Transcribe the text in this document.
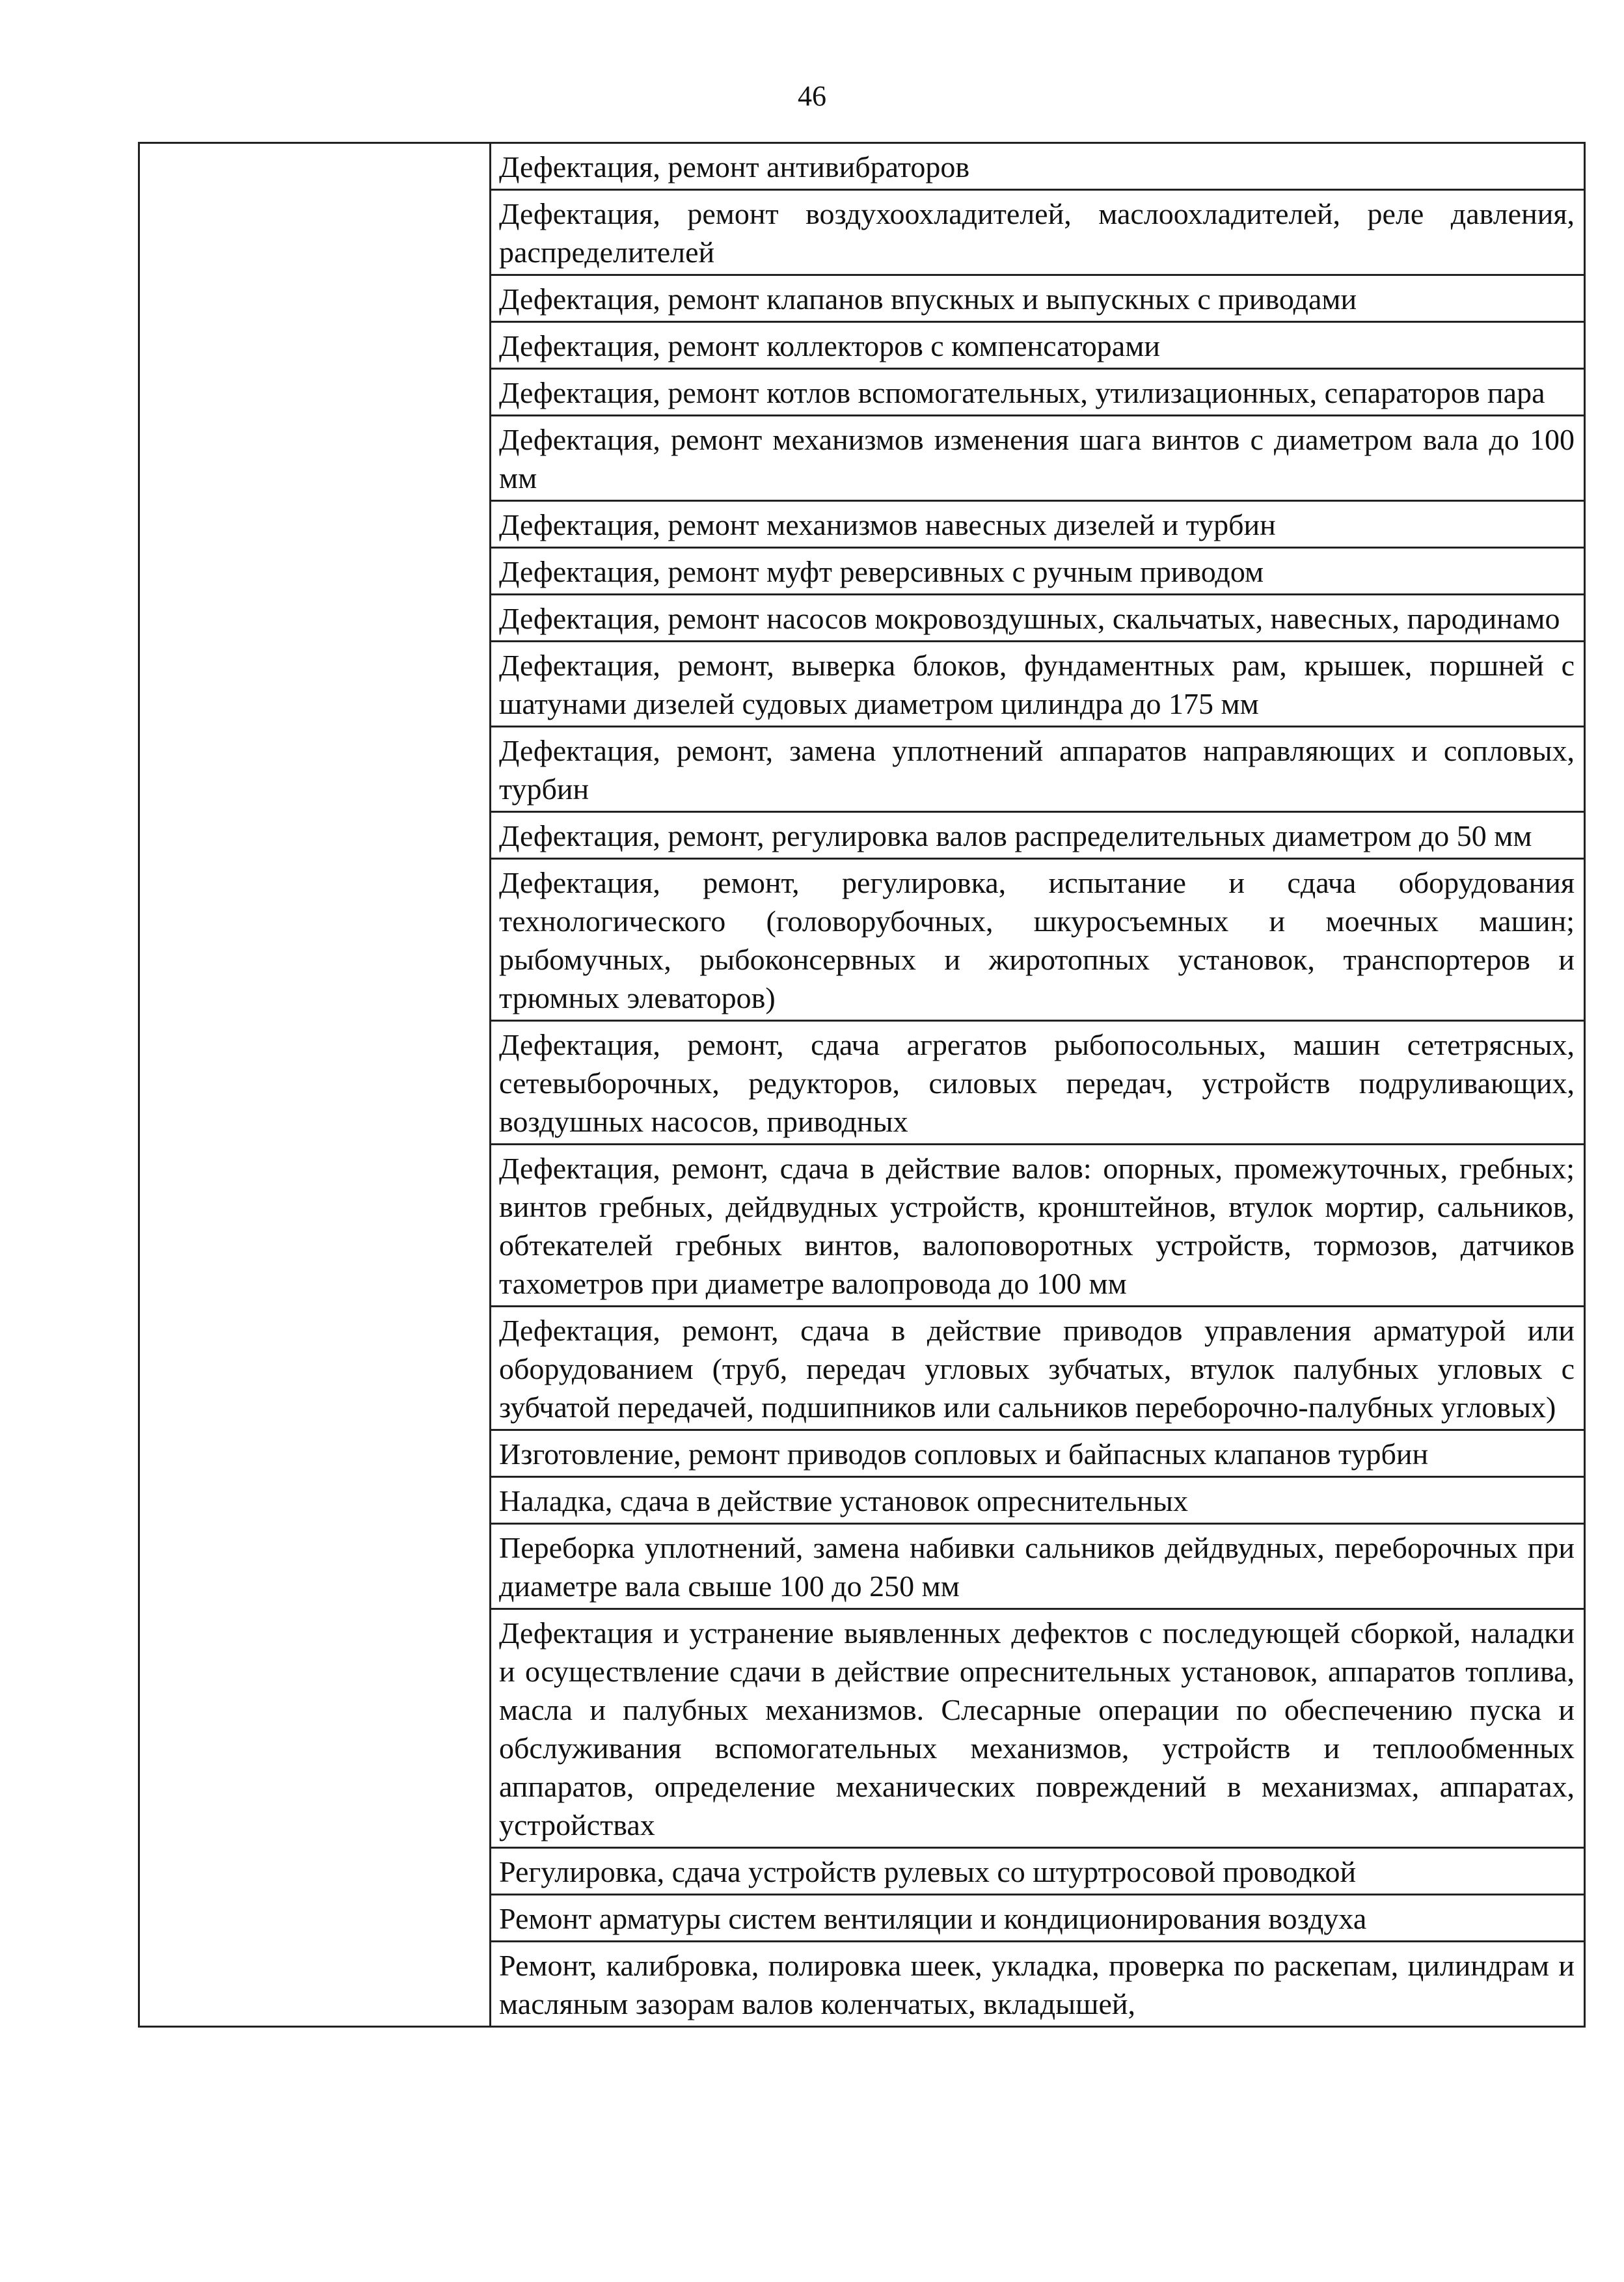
46
	Дефектация, ремонт антивибраторов
Дефектация, ремонт воздухоохладителей, маслоохладителей, реле давления, распределителей
Дефектация, ремонт клапанов впускных и выпускных с приводами
Дефектация, ремонт коллекторов с компенсаторами
Дефектация, ремонт котлов вспомогательных, утилизационных, сепараторов пара
Дефектация, ремонт механизмов изменения шага винтов с диаметром вала до 100 мм
Дефектация, ремонт механизмов навесных дизелей и турбин
Дефектация, ремонт муфт реверсивных с ручным приводом
Дефектация, ремонт насосов мокровоздушных, скальчатых, навесных, пародинамо
Дефектация, ремонт, выверка блоков, фундаментных рам, крышек, поршней с шатунами дизелей судовых диаметром цилиндра до 175 мм
Дефектация, ремонт, замена уплотнений аппаратов направляющих и сопловых, турбин
Дефектация, ремонт, регулировка валов распределительных диаметром до 50 мм
Дефектация, ремонт, регулировка, испытание и сдача оборудования технологического (головорубочных, шкуросъемных и моечных машин; рыбомучных, рыбоконсервных и жиротопных установок, транспортеров и трюмных элеваторов)
Дефектация, ремонт, сдача агрегатов рыбопосольных, машин сететрясных, сетевыборочных, редукторов, силовых передач, устройств подруливающих, воздушных насосов, приводных
Дефектация, ремонт, сдача в действие валов: опорных, промежуточных, гребных; винтов гребных, дейдвудных устройств, кронштейнов, втулок мортир, сальников, обтекателей гребных винтов, валоповоротных устройств, тормозов, датчиков тахометров при диаметре валопровода до 100 мм
Дефектация, ремонт, сдача в действие приводов управления арматурой или оборудованием (труб, передач угловых зубчатых, втулок палубных угловых с зубчатой передачей, подшипников или сальников переборочно-палубных угловых)
Изготовление, ремонт приводов сопловых и байпасных клапанов турбин
Наладка, сдача в действие установок опреснительных
Переборка уплотнений, замена набивки сальников дейдвудных, переборочных при диаметре вала свыше 100 до 250 мм
Дефектация и устранение выявленных дефектов с последующей сборкой, наладки и осуществление сдачи в действие опреснительных установок, аппаратов топлива, масла и палубных механизмов. Слесарные операции по обеспечению пуска и обслуживания вспомогательных механизмов, устройств и теплообменных аппаратов, определение механических повреждений в механизмах, аппаратах, устройствах
Регулировка, сдача устройств рулевых со штуртросовой проводкой
Ремонт арматуры систем вентиляции и кондиционирования воздуха
Ремонт, калибровка, полировка шеек, укладка, проверка по раскепам, цилиндрам и масляным зазорам валов коленчатых, вкладышей,
